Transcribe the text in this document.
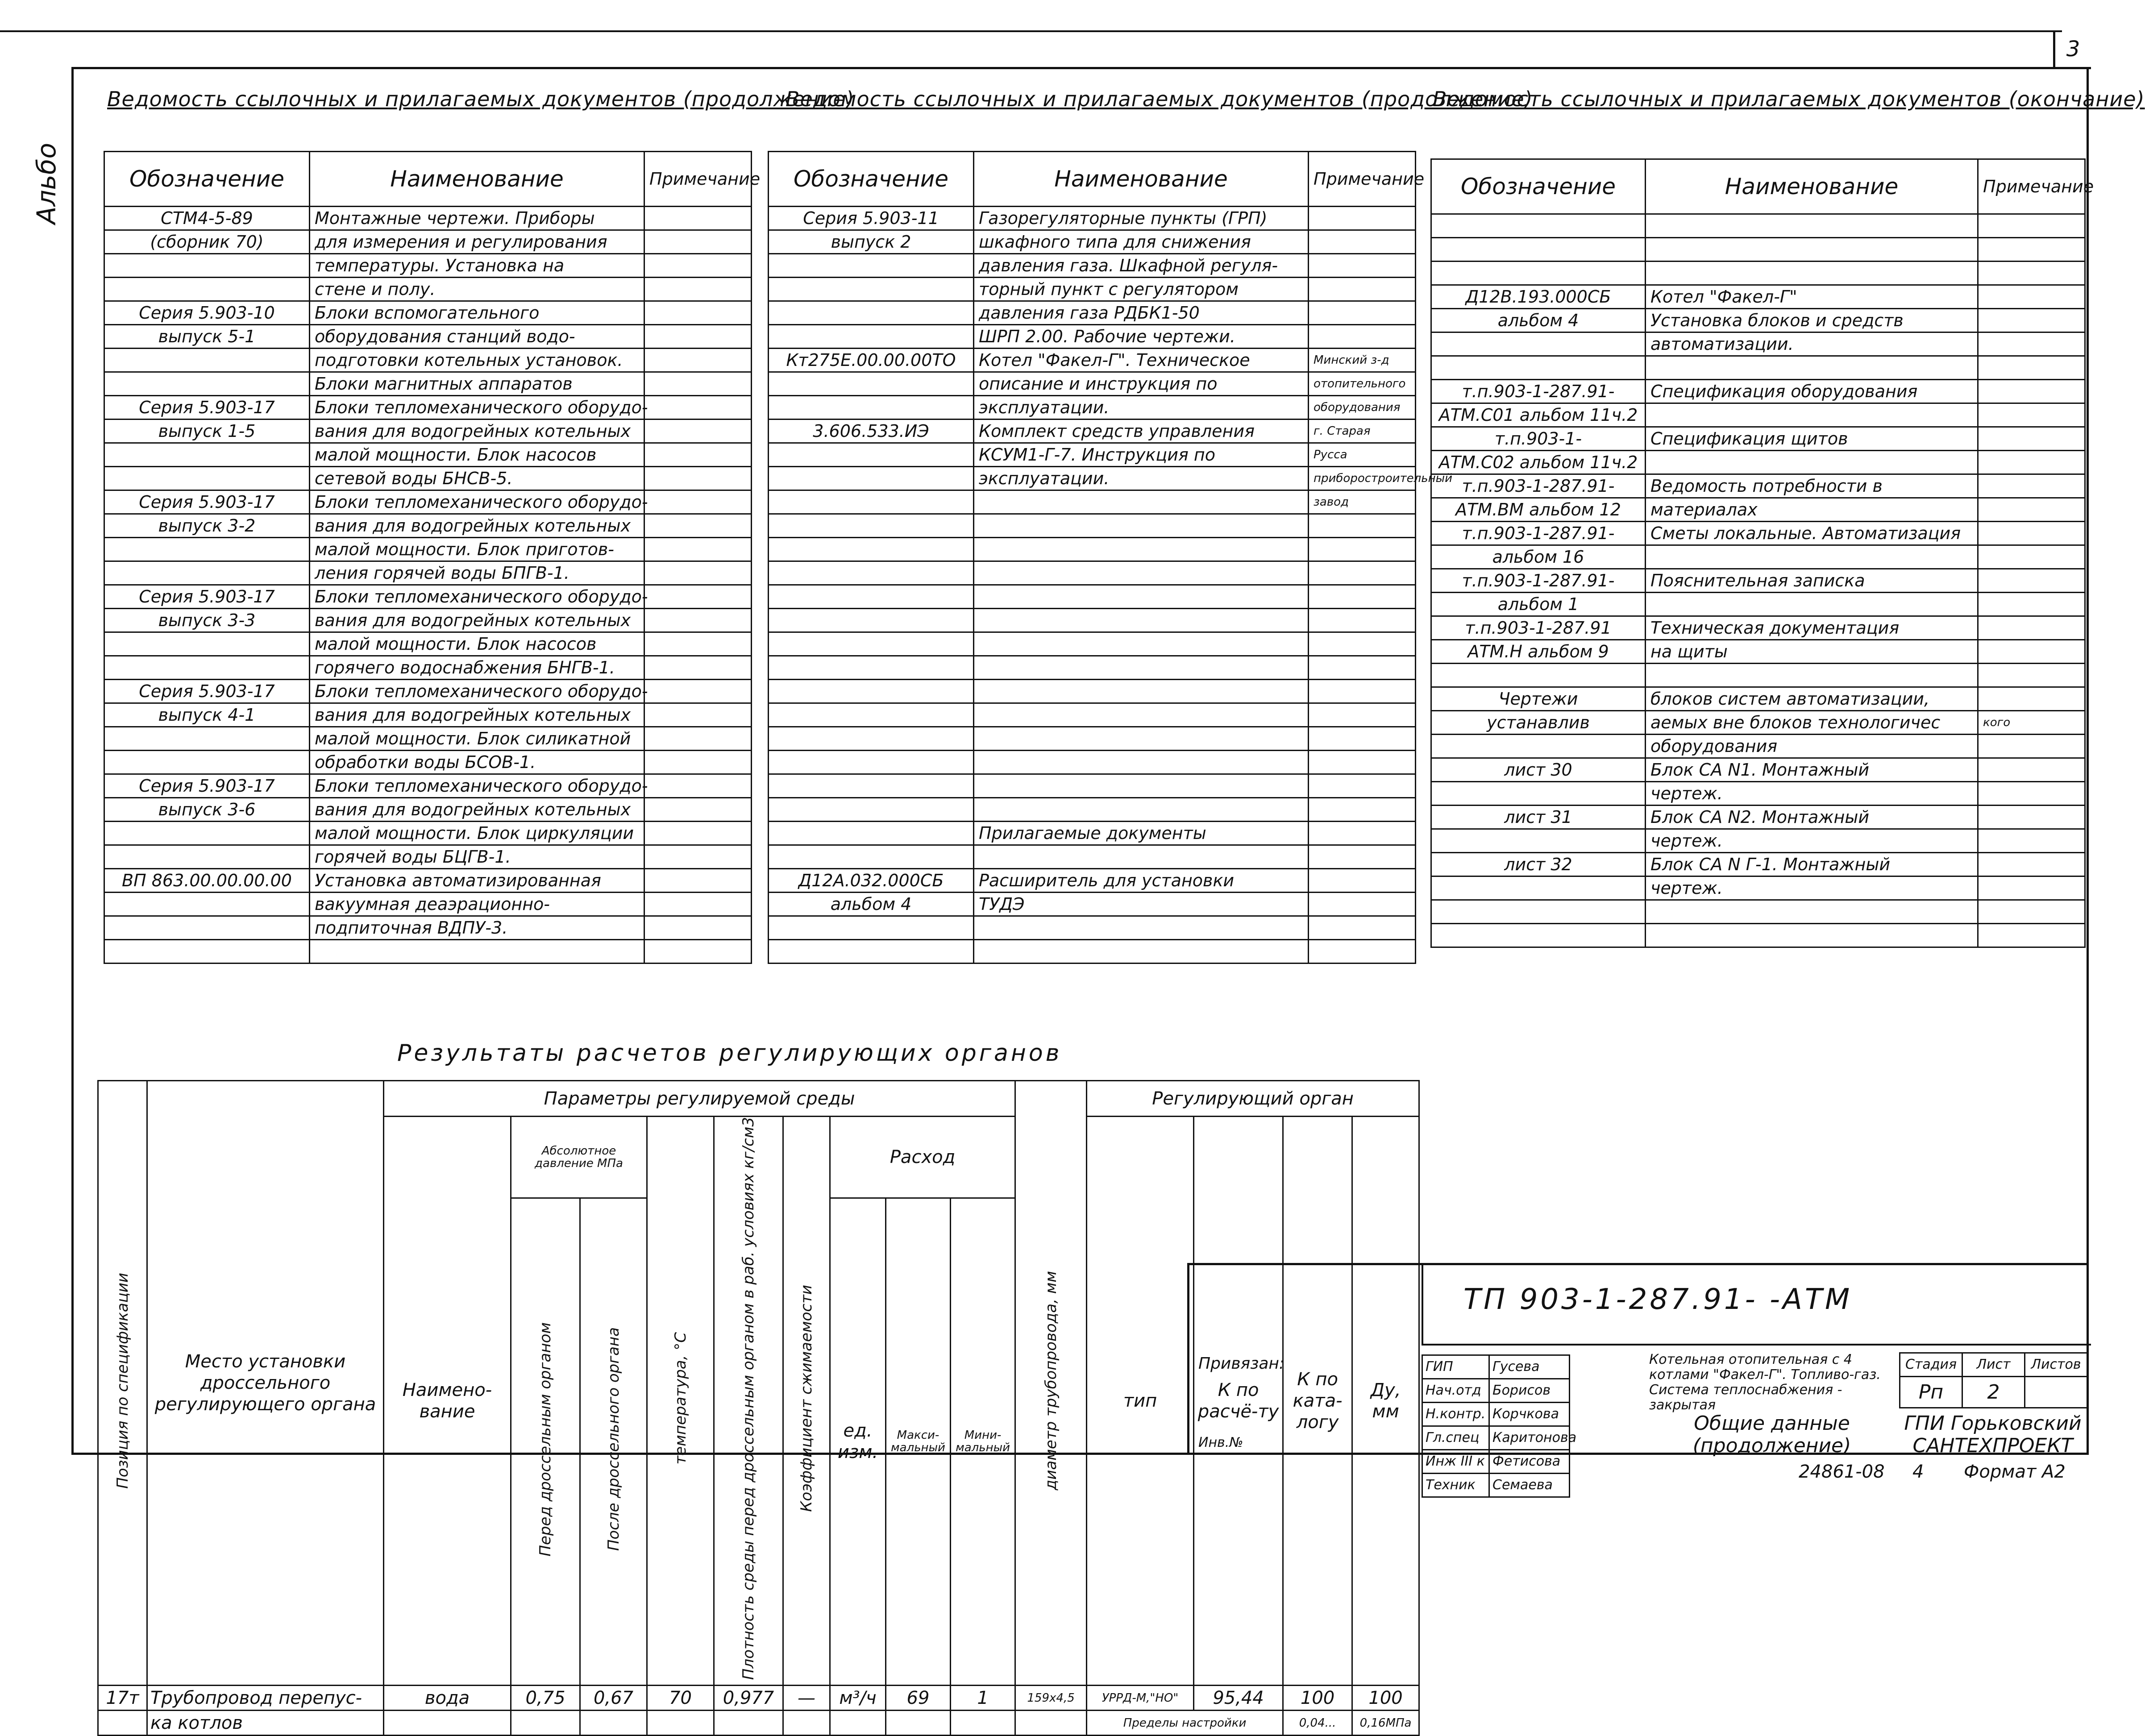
3
Альбо
Ведомость ссылочных и прилагаемых документов (продолжение)
Ведомость ссылочных и прилагаемых документов (продолжение)
Ведомость ссылочных и прилагаемых документов (окончание)
Обозначение	Наименование	Примечание
СТМ4-5-89	Монтажные чертежи. Приборы	
(сборник 70)	для измерения и регулирования	
	температуры. Установка на	
	стене и полу.	
Серия 5.903-10	Блоки вспомогательного	
выпуск 5-1	оборудования станций водо-	
	подготовки котельных установок.	
	Блоки магнитных аппаратов	
Серия 5.903-17	Блоки тепломеханического оборудо-	
выпуск 1-5	вания для водогрейных котельных	
	малой мощности. Блок насосов	
	сетевой воды БНСВ-5.	
Серия 5.903-17	Блоки тепломеханического оборудо-	
выпуск 3-2	вания для водогрейных котельных	
	малой мощности. Блок приготов-	
	ления горячей воды БПГВ-1.	
Серия 5.903-17	Блоки тепломеханического оборудо-	
выпуск 3-3	вания для водогрейных котельных	
	малой мощности. Блок насосов	
	горячего водоснабжения БНГВ-1.	
Серия 5.903-17	Блоки тепломеханического оборудо-	
выпуск 4-1	вания для водогрейных котельных	
	малой мощности. Блок силикатной	
	обработки воды БСОВ-1.	
Серия 5.903-17	Блоки тепломеханического оборудо-	
выпуск 3-6	вания для водогрейных котельных	
	малой мощности. Блок циркуляции	
	горячей воды БЦГВ-1.	
ВП 863.00.00.00.00	Установка автоматизированная	
	вакуумная деаэрационно-	
	подпиточная ВДПУ-3.	

Обозначение	Наименование	Примечание
Серия 5.903-11	Газорегуляторные пункты (ГРП)	
выпуск 2	шкафного типа для снижения	
	давления газа. Шкафной регуля-	
	торный пункт с регулятором	
	давления газа РДБК1-50	
	ШРП 2.00. Рабочие чертежи.	
Кт275Е.00.00.00ТО	Котел "Факел-Г". Техническое	Минский з-д
	описание и инструкция по	отопительного
	эксплуатации.	оборудования
3.606.533.ИЭ	Комплект средств управления	г. Старая
	КСУМ1-Г-7. Инструкция по	Русса
	эксплуатации.	приборостроительный
		завод

	Прилагаемые документы	

Д12А.032.000СБ	Расширитель для установки	
альбом 4	ТУДЭ	

Обозначение	Наименование	Примечание

Д12В.193.000СБ	Котел "Факел-Г"	
альбом 4	Установка блоков и средств	
	автоматизации.	

т.п.903-1-287.91-	Спецификация оборудования	
АТМ.С01 альбом 11ч.2		
т.п.903-1-	Спецификация щитов	
АТМ.С02 альбом 11ч.2		
т.п.903-1-287.91-	Ведомость потребности в	
АТМ.ВМ альбом 12	материалах	
т.п.903-1-287.91-	Сметы локальные. Автоматизация	
альбом 16		
т.п.903-1-287.91-	Пояснительная записка	
альбом 1		
т.п.903-1-287.91	Техническая документация	
АТМ.Н альбом 9	на щиты	

Чертежи	блоков систем автоматизации,	
устанавлив	аемых вне блоков технологичес	кого
	оборудования	
лист 30	Блок СА N1. Монтажный	
	чертеж.	
лист 31	Блок СА N2. Монтажный	
	чертеж.	
лист 32	Блок СА N Г-1. Монтажный	
	чертеж.	

Результаты расчетов регулирующих органов
Позиция по спецификации	Место установки дроссельного регулирующего органа	Параметры регулируемой среды									диаметр трубопровода, мм	Регулирующий орган			
		Наимено-вание	Абсолютное давление МПа		температура, °С	Плотность среды перед дроссельным органом в раб. условиях кг/см3	Коэффициент сжимаемости	Расход				тип	К по расчё-ту	К по ката-логу	Ду, мм
			Перед дроссельным органом	После дроссельного органа				ед. изм.	Макси-мальный	Мини-мальный					
17т	Трубопровод перепус-	вода	0,75	0,67	70	0,977	—	м³/ч	69	1	159x4,5	УРРД-М,"НО"	95,44	100	100
	ка котлов											Пределы настройки		0,04...	0,16МПа
ТП 903-1-287.91- -АТМ
Привязан:
Инв.№
ГИП	Гусева
Нач.отд	Борисов
Н.контр.	Корчкова
Гл.спец	Каритонова
Инж III к	Фетисова
Техник	Семаева
Котельная отопительная с 4 котлами "Факел-Г". Топливо-газ. Система теплоснабжения - закрытая
Общие данные (продолжение)
Стадия	Лист	Листов
Рп	2	
ГПИ Горьковский САНТЕХПРОЕКТ
24861-08 4 Формат А2
